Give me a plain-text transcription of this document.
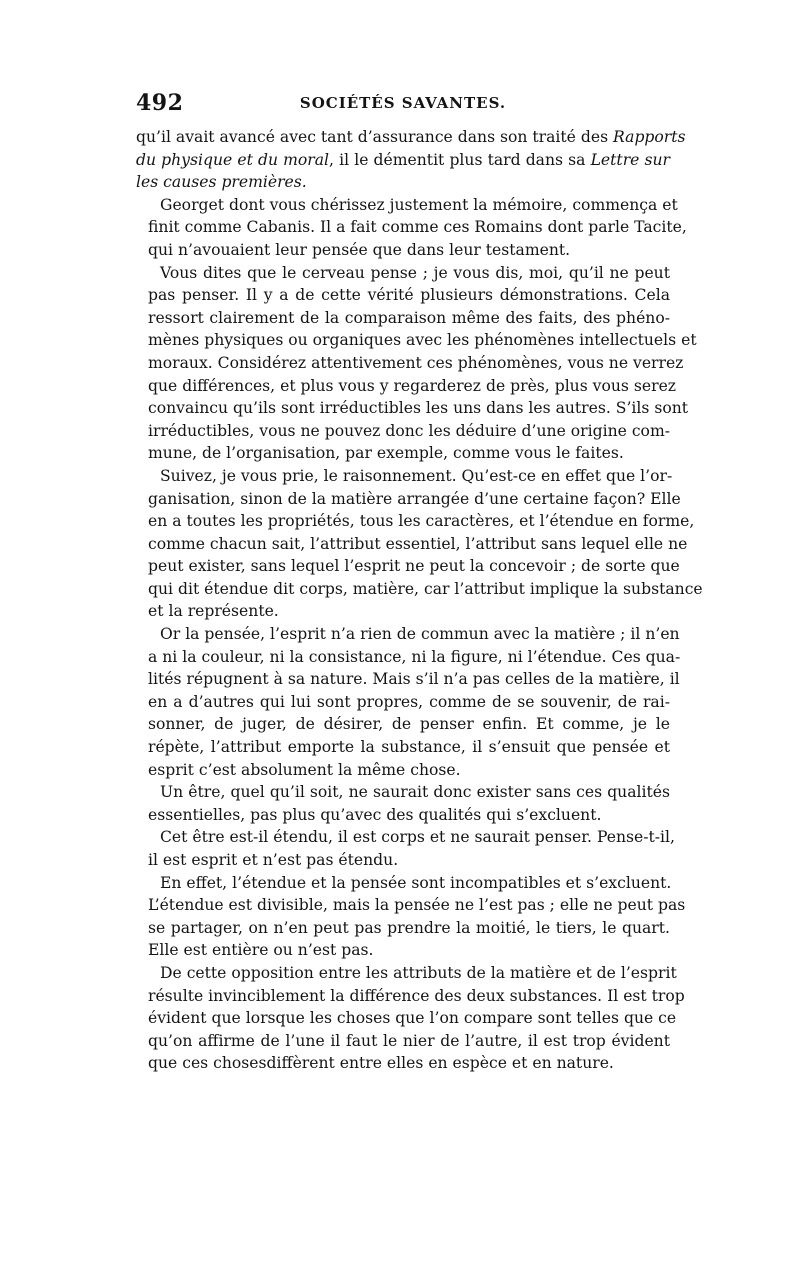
492	SOCIÉTÉS SAVANTES.
qu’il avait avancé avec tant d’assurance dans son traité des Rapports
du physique et du moral, il le démentit plus tard dans sa Lettre sur
les causes premières.
Georget dont vous chérissez justement la mémoire, commença et
finit comme Cabanis. Il a fait comme ces Romains dont parle Tacite,
qui n’avouaient leur pensée que dans leur testament.
Vous dites que le cerveau pense ; je vous dis, moi, qu’il ne peut
pas penser. Il y a de cette vérité plusieurs démonstrations. Cela
ressort clairement de la comparaison même des faits, des phéno-
mènes physiques ou organiques avec les phénomènes intellectuels et
moraux. Considérez attentivement ces phénomènes, vous ne verrez
que différences, et plus vous y regarderez de près, plus vous serez
convaincu qu’ils sont irréductibles les uns dans les autres. S’ils sont
irréductibles, vous ne pouvez donc les déduire d’une origine com-
mune, de l’organisation, par exemple, comme vous le faites.
Suivez, je vous prie, le raisonnement. Qu’est-ce en effet que l’or-
ganisation, sinon de la matière arrangée d’une certaine façon? Elle
en a toutes les propriétés, tous les caractères, et l’étendue en forme,
comme chacun sait, l’attribut essentiel, l’attribut sans lequel elle ne
peut exister, sans lequel l’esprit ne peut la concevoir ; de sorte que
qui dit étendue dit corps, matière, car l’attribut implique la substance
et la représente.
Or la pensée, l’esprit n’a rien de commun avec la matière ; il n’en
a ni la couleur, ni la consistance, ni la figure, ni l’étendue. Ces qua-
lités répugnent à sa nature. Mais s’il n’a pas celles de la matière, il
en a d’autres qui lui sont propres, comme de se souvenir, de rai-
sonner, de juger, de désirer, de penser enfin. Et comme, je le
répète, l’attribut emporte la substance, il s’ensuit que pensée et
esprit c’est absolument la même chose.
Un être, quel qu’il soit, ne saurait donc exister sans ces qualités
essentielles, pas plus qu’avec des qualités qui s’excluent.
Cet être est-il étendu, il est corps et ne saurait penser. Pense-t-il,
il est esprit et n’est pas étendu.
En effet, l’étendue et la pensée sont incompatibles et s’excluent.
L’étendue est divisible, mais la pensée ne l’est pas ; elle ne peut pas
se partager, on n’en peut pas prendre la moitié, le tiers, le quart.
Elle est entière ou n’est pas.
De cette opposition entre les attributs de la matière et de l’esprit
résulte invinciblement la différence des deux substances. Il est trop
évident que lorsque les choses que l’on compare sont telles que ce
qu’on affirme de l’une il faut le nier de l’autre, il est trop évident
que ces chosesdiffèrent entre elles en espèce et en nature.
